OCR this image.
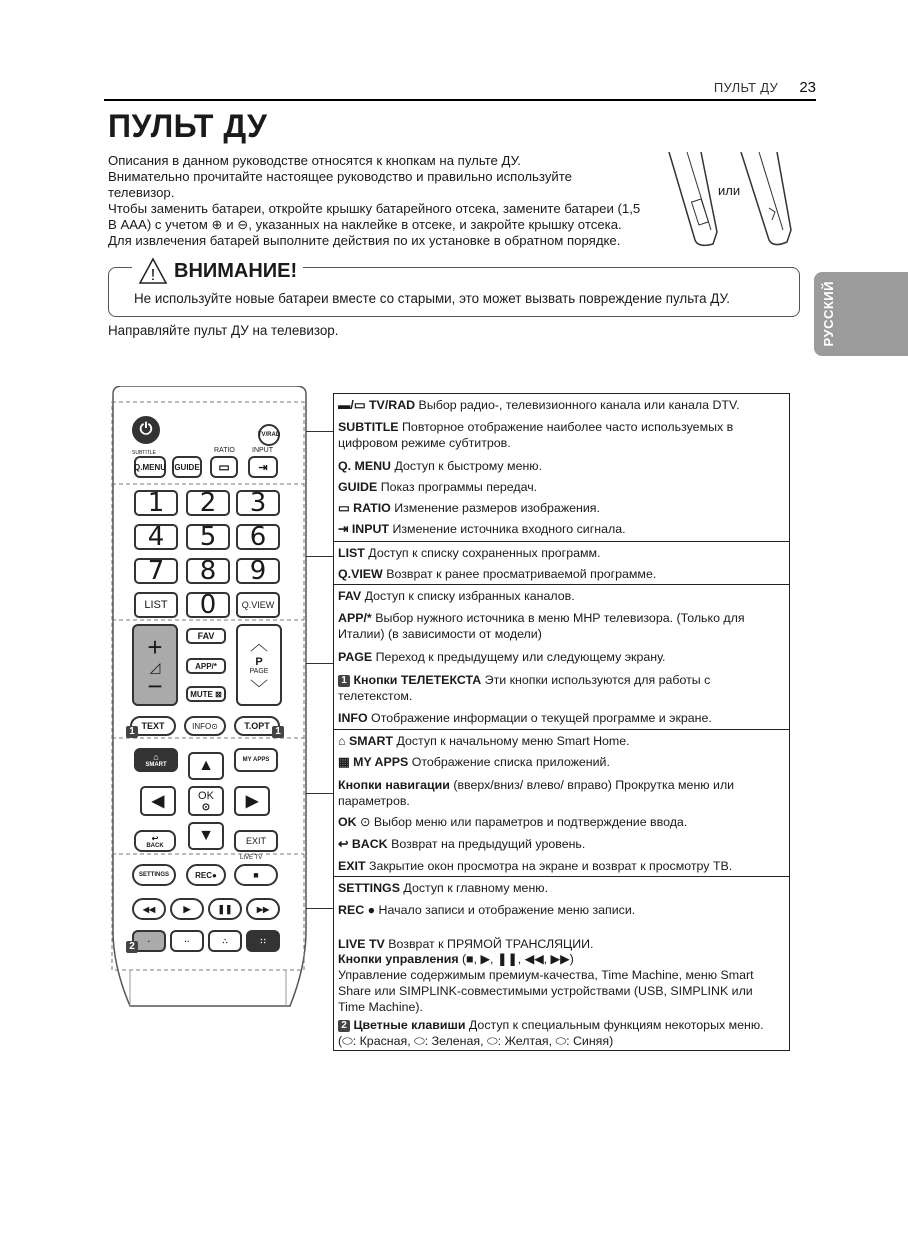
ПУЛЬТ ДУ 23
ПУЛЬТ ДУ
Описания в данном руководстве относятся к кнопкам на пульте ДУ.
Внимательно прочитайте настоящее руководство и правильно используйте
телевизор.
Чтобы заменить батареи, откройте крышку батарейного отсека, замените батареи (1,5
В AAA) с учетом ⊕ и ⊖, указанных на наклейке в отсеке, и закройте крышку отсека.
Для извлечения батарей выполните действия по их установке в обратном порядке.
или
! ВНИМАНИЕ!
Не используйте новые батареи вместе со старыми, это может вызвать повреждение пульта ДУ.
Направляйте пульт ДУ на телевизор.	РУССКИЙ
⏻	TV/RAD
SUBTITLE	RATIO INPUT
Q.MENU GUIDE ▭	⇥
1 2 3
4 5 6
7 8 9
LIST 0	Q.VIEW
+
◿
−
FAV
APP/*
MUTE ⊠
︿
P
PAGE
﹀
TEXT	INFO⊙	T.OPT
1	1
⌂
SMART
MY APPS
▲
◀	OK
⊙ ▶
▼
↩
BACK	EXIT
LIVE TV
SETTINGS	REC●	■
◀◀	▶	❚❚	▶▶
·	··	∴	∷
2
▬/▭ TV/RAD Выбор радио-, телевизионного канала или канала DTV.
SUBTITLE Повторное отображение наиболее часто используемых в
цифровом режиме субтитров.
Q. MENU Доступ к быстрому меню.
GUIDE Показ программы передач.
▭ RATIO Изменение размеров изображения.
⇥ INPUT Изменение источника входного сигнала.
LIST Доступ к списку сохраненных программ.
Q.VIEW Возврат к ранее просматриваемой программе.
FAV Доступ к списку избранных каналов.
APP/* Выбор нужного источника в меню MHP телевизора. (Только для
Италии) (в зависимости от модели)
PAGE Переход к предыдущему или следующему экрану.
1 Кнопки ТЕЛЕТЕКСТА Эти кнопки используются для работы с
телетекстом.
INFO Отображение информации о текущей программе и экране.
⌂ SMART Доступ к начальному меню Smart Home.
▦ MY APPS Отображение списка приложений.
Кнопки навигации (вверх/вниз/ влево/ вправо) Прокрутка меню или
параметров.
OK ⊙ Выбор меню или параметров и подтверждение ввода.
↩ BACK Возврат на предыдущий уровень.
EXIT Закрытие окон просмотра на экране и возврат к просмотру ТВ.
SETTINGS Доступ к главному меню.
REC ● Начало записи и отображение меню записи.
LIVE TV Возврат к ПРЯМОЙ ТРАНСЛЯЦИИ.
Кнопки управления (■, ▶, ❚❚, ◀◀, ▶▶)
Управление содержимым премиум-качества, Time Machine, меню Smart
Share или SIMPLINK-совместимыми устройствами (USB, SIMPLINK или
Time Machine).
2 Цветные клавиши Доступ к специальным функциям некоторых меню.
(⬭: Красная, ⬭: Зеленая, ⬭: Желтая, ⬭: Синяя)
